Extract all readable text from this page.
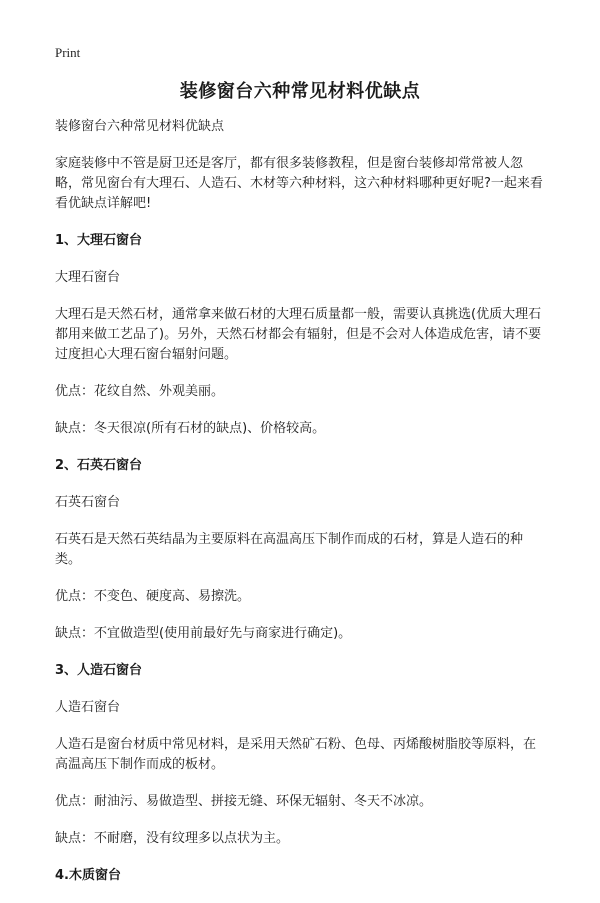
Print
装修窗台六种常见材料优缺点
装修窗台六种常见材料优缺点
家庭装修中不管是厨卫还是客厅，都有很多装修教程，但是窗台装修却常常被人忽略，常见窗台有大理石、人造石、木材等六种材料，这六种材料哪种更好呢?一起来看看优缺点详解吧!
1、大理石窗台
大理石窗台
大理石是天然石材，通常拿来做石材的大理石质量都一般，需要认真挑选(优质大理石都用来做工艺品了)。另外，天然石材都会有辐射，但是不会对人体造成危害，请不要过度担心大理石窗台辐射问题。
优点：花纹自然、外观美丽。
缺点：冬天很凉(所有石材的缺点)、价格较高。
2、石英石窗台
石英石窗台
石英石是天然石英结晶为主要原料在高温高压下制作而成的石材，算是人造石的种类。
优点：不变色、硬度高、易擦洗。
缺点：不宜做造型(使用前最好先与商家进行确定)。
3、人造石窗台
人造石窗台
人造石是窗台材质中常见材料，是采用天然矿石粉、色母、丙烯酸树脂胶等原料，在高温高压下制作而成的板材。
优点：耐油污、易做造型、拼接无缝、环保无辐射、冬天不冰凉。
缺点：不耐磨，没有纹理多以点状为主。
4.木质窗台
